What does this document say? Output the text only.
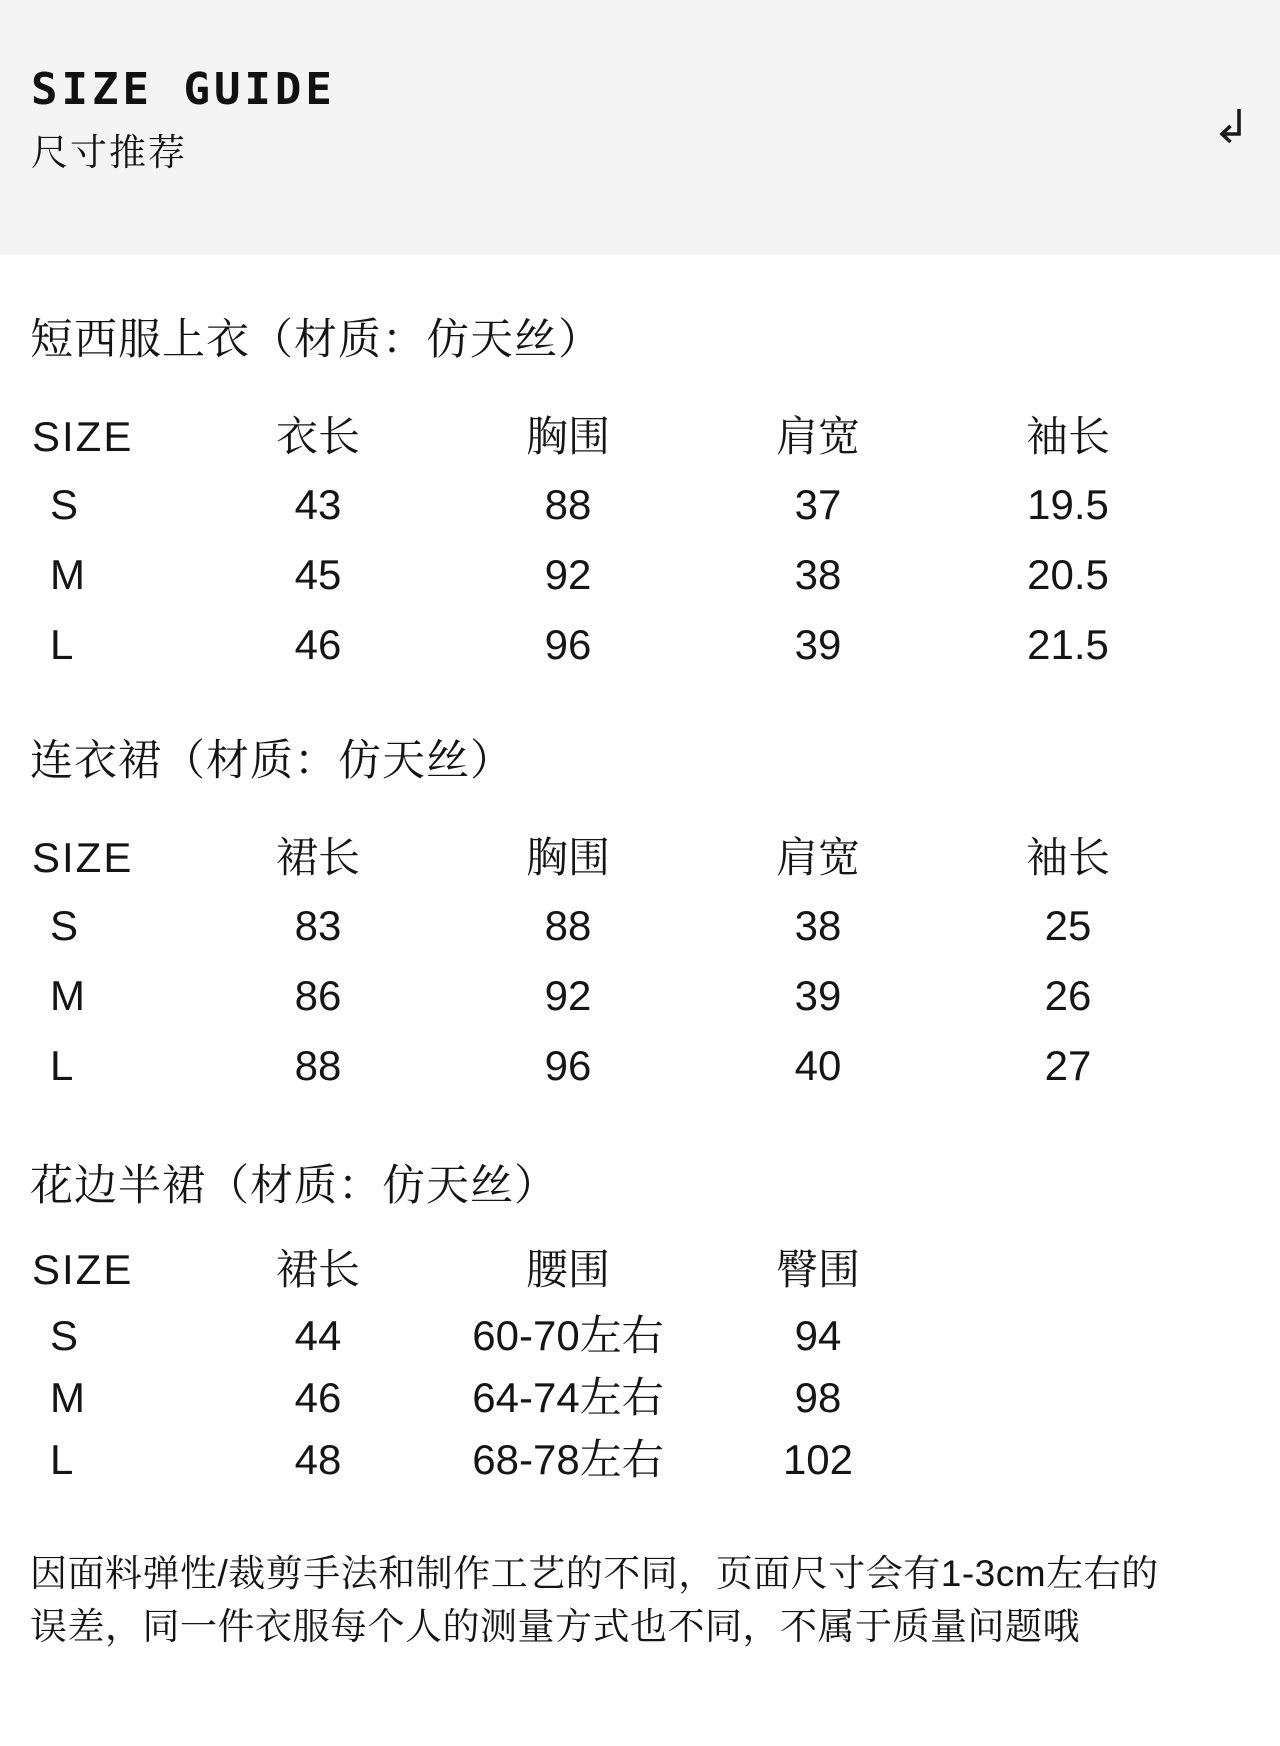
SIZE GUIDE
尺寸推荐
短西服上衣（材质：仿天丝）
SIZE	衣长	胸围	肩宽	袖长
S	43	88	37	19.5
M	45	92	38	20.5
L	46	96	39	21.5
连衣裙（材质：仿天丝）
SIZE	裙长	胸围	肩宽	袖长
S	83	88	38	25
M	86	92	39	26
L	88	96	40	27
花边半裙（材质：仿天丝）
SIZE	裙长	腰围	臀围
S	44	60-70左右	94
M	46	64-74左右	98
L	48	68-78左右	102

因面料弹性/裁剪手法和制作工艺的不同，页面尺寸会有1-3cm左右的
误差，同一件衣服每个人的测量方式也不同，不属于质量问题哦
